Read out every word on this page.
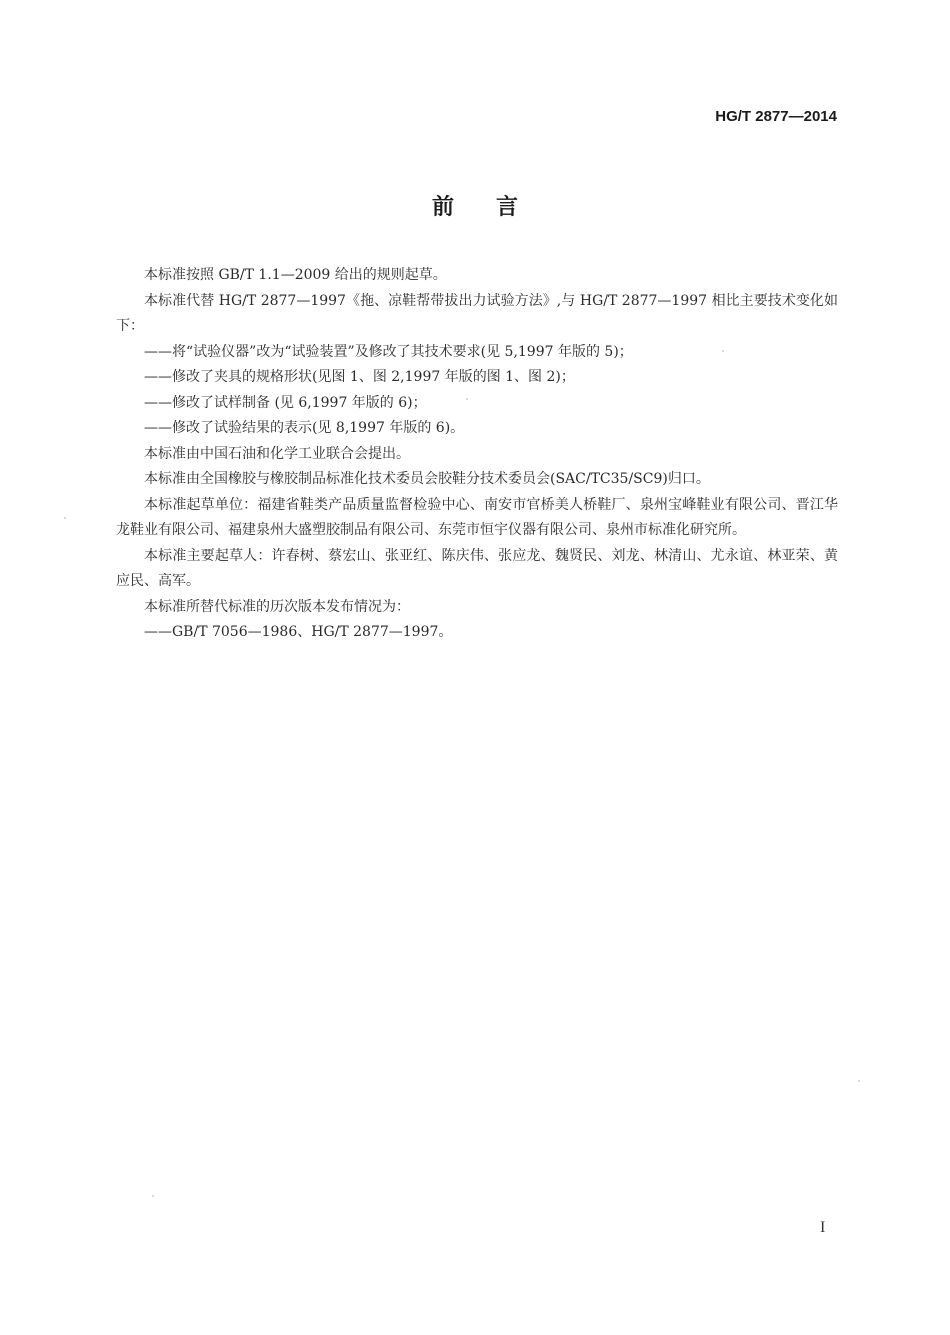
HG/T 2877—2014
前言

本标准按照 GB/T 1.1—2009 给出的规则起草。

本标准代替 HG/T 2877—1997《拖、凉鞋帮带拔出力试验方法》,与 HG/T 2877—1997 相比主要技术变化如下：

——将“试验仪器”改为“试验装置”及修改了其技术要求(见 5,1997 年版的 5)；

——修改了夹具的规格形状(见图 1、图 2,1997 年版的图 1、图 2)；

——修改了试样制备 (见 6,1997 年版的 6)；

——修改了试验结果的表示(见 8,1997 年版的 6)。

本标准由中国石油和化学工业联合会提出。

本标准由全国橡胶与橡胶制品标准化技术委员会胶鞋分技术委员会(SAC/TC35/SC9)归口。

本标准起草单位：福建省鞋类产品质量监督检验中心、南安市官桥美人桥鞋厂、泉州宝峰鞋业有限公司、晋江华龙鞋业有限公司、福建泉州大盛塑胶制品有限公司、东莞市恒宇仪器有限公司、泉州市标准化研究所。

本标准主要起草人：许春树、蔡宏山、张亚红、陈庆伟、张应龙、魏贤民、刘龙、林清山、尤永谊、林亚荣、黄应民、高军。

本标准所替代标准的历次版本发布情况为：

——GB/T 7056—1986、HG/T 2877—1997。

I
